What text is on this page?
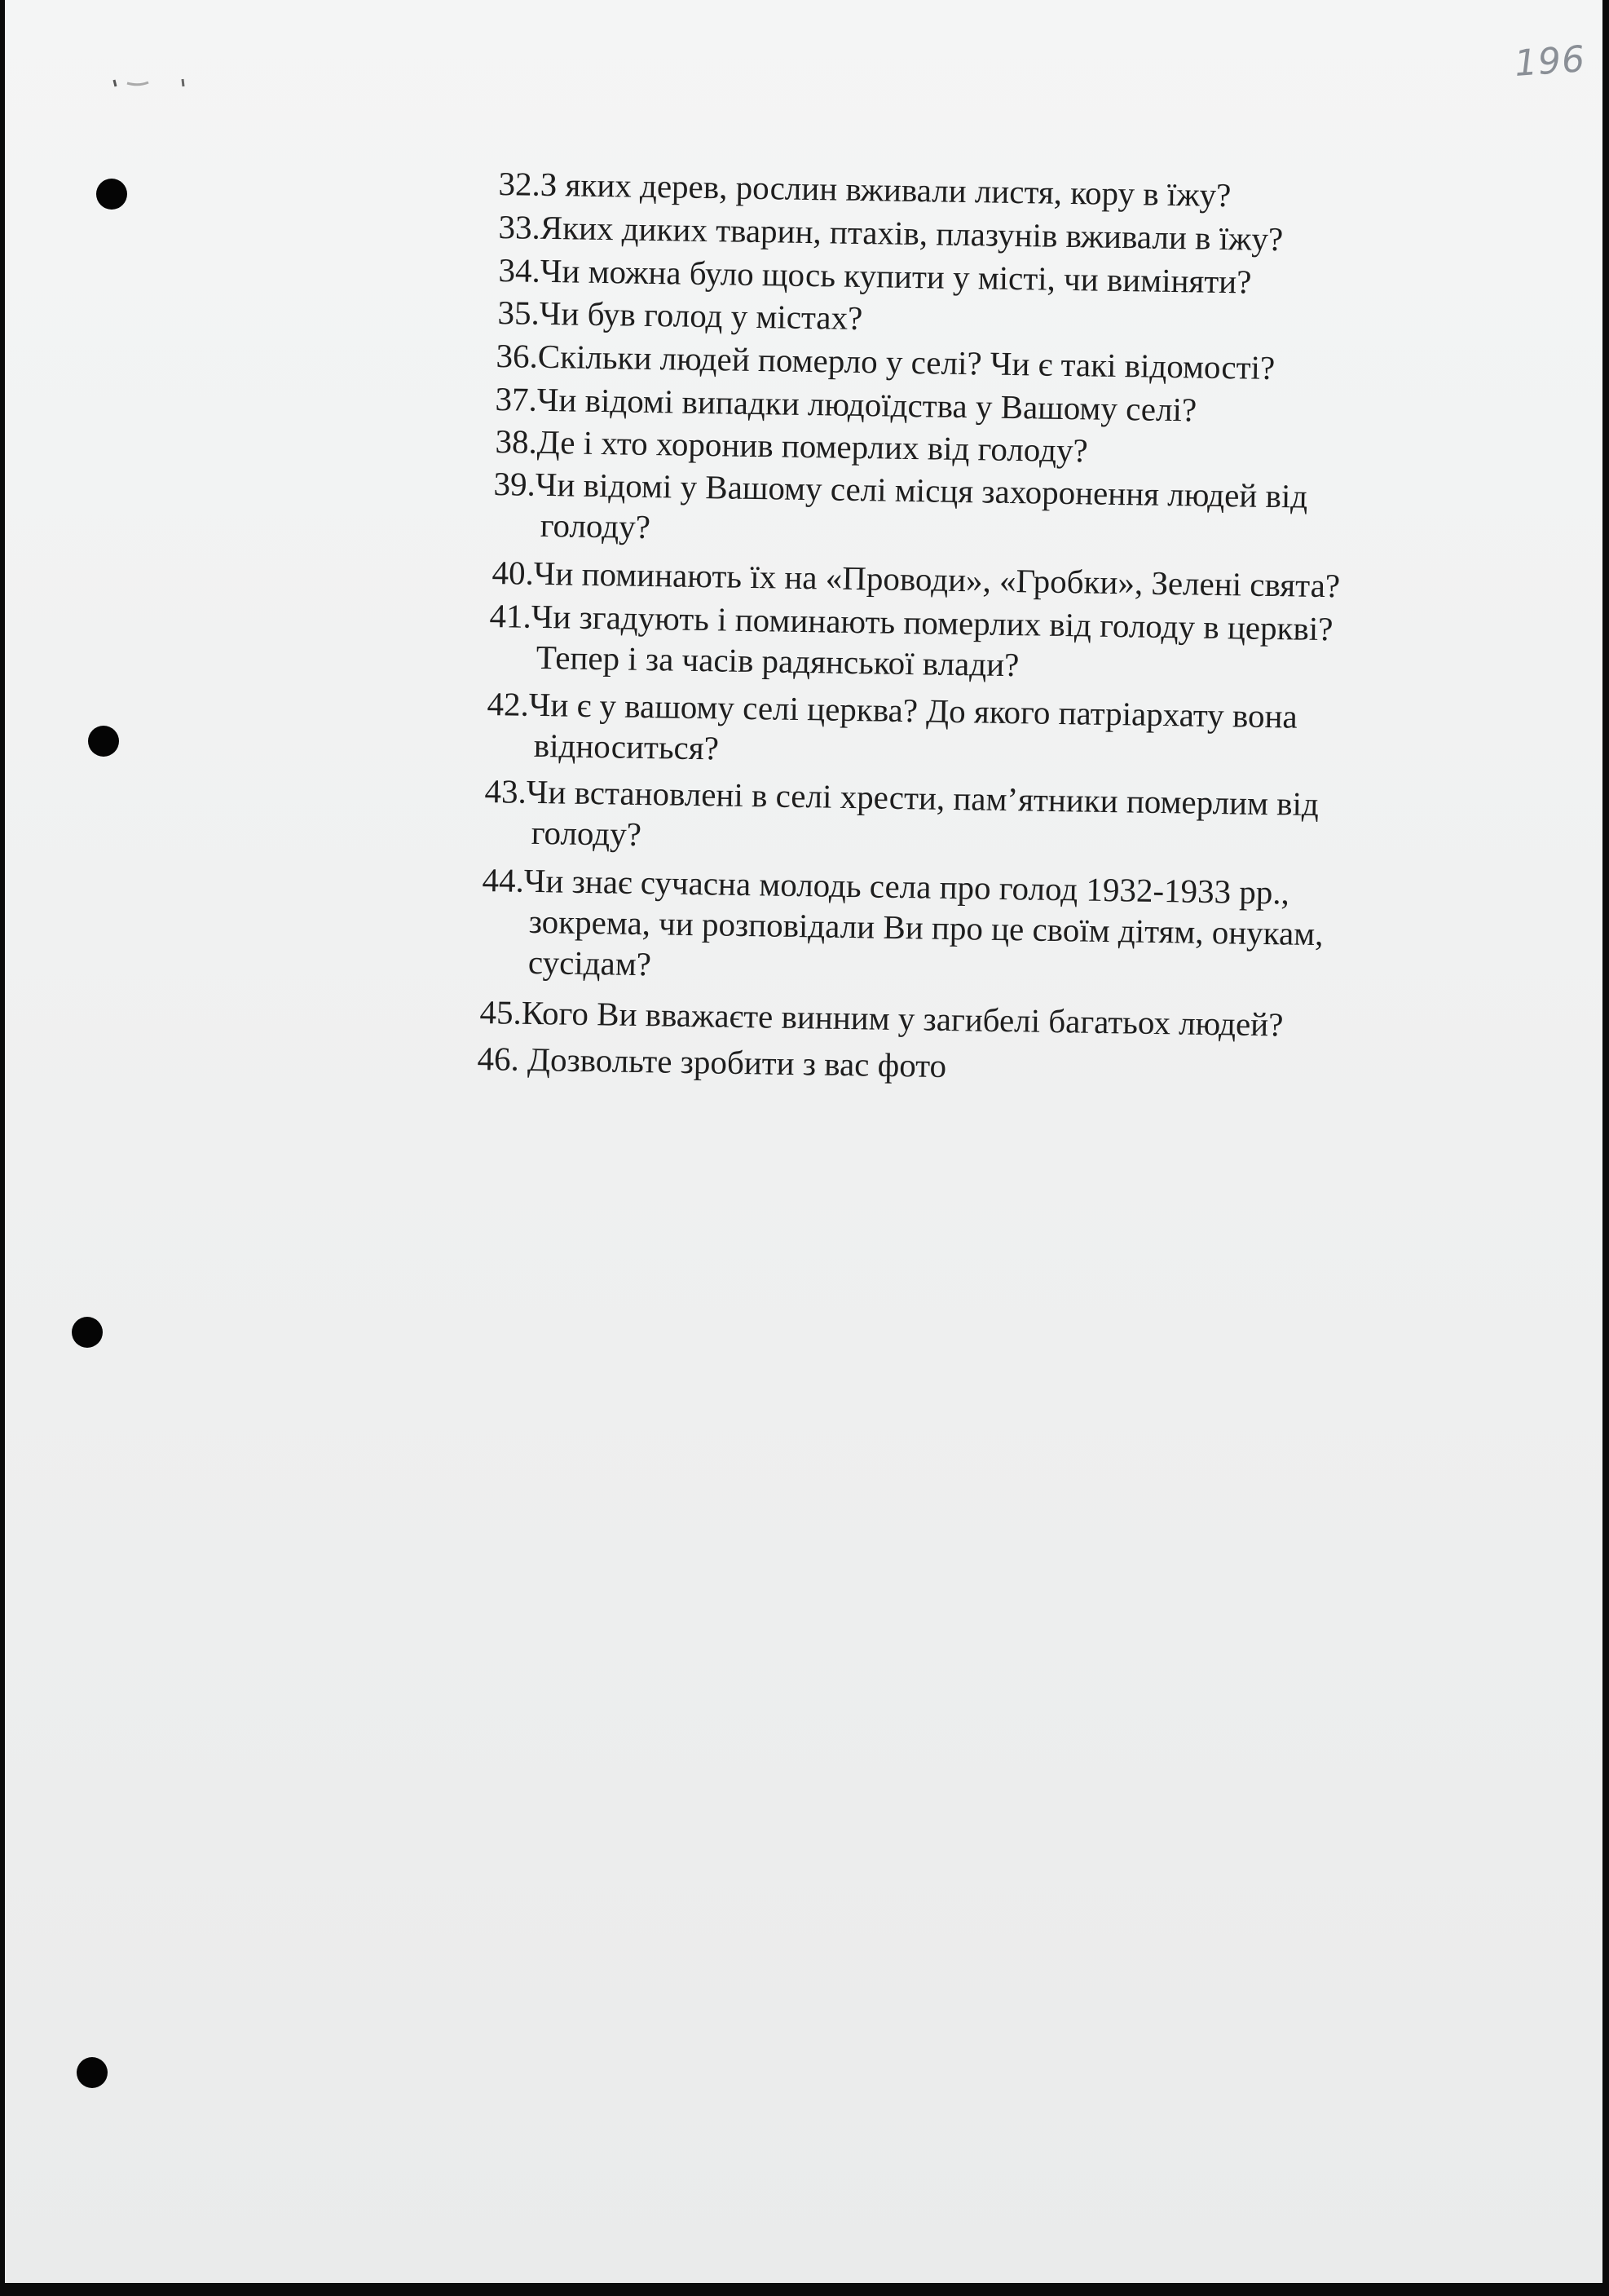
196
32.З яких дерев, рослин вживали листя, кору в їжу?
33.Яких диких тварин, птахів, плазунів вживали в їжу?
34.Чи можна було щось купити у місті, чи виміняти?
35.Чи був голод у містах?
36.Скільки людей померло у селі? Чи є такі відомості?
37.Чи відомі випадки людоїдства у Вашому селі?
38.Де і хто хоронив померлих від голоду?
39.Чи відомі у Вашому селі місця захоронення людей від
голоду?
40.Чи поминають їх на «Проводи», «Гробки», Зелені свята?
41.Чи згадують і поминають померлих від голоду в церкві?
Тепер і за часів радянської влади?
42.Чи є у вашому селі церква? До якого патріархату вона
відноситься?
43.Чи встановлені в селі хрести, пам’ятники померлим від
голоду?
44.Чи знає сучасна молодь села про голод 1932-1933 рр.,
зокрема, чи розповідали Ви про це своїм дітям, онукам,
сусідам?
45.Кого Ви вважаєте винним у загибелі багатьох людей?
46. Дозвольте зробити з вас фото
